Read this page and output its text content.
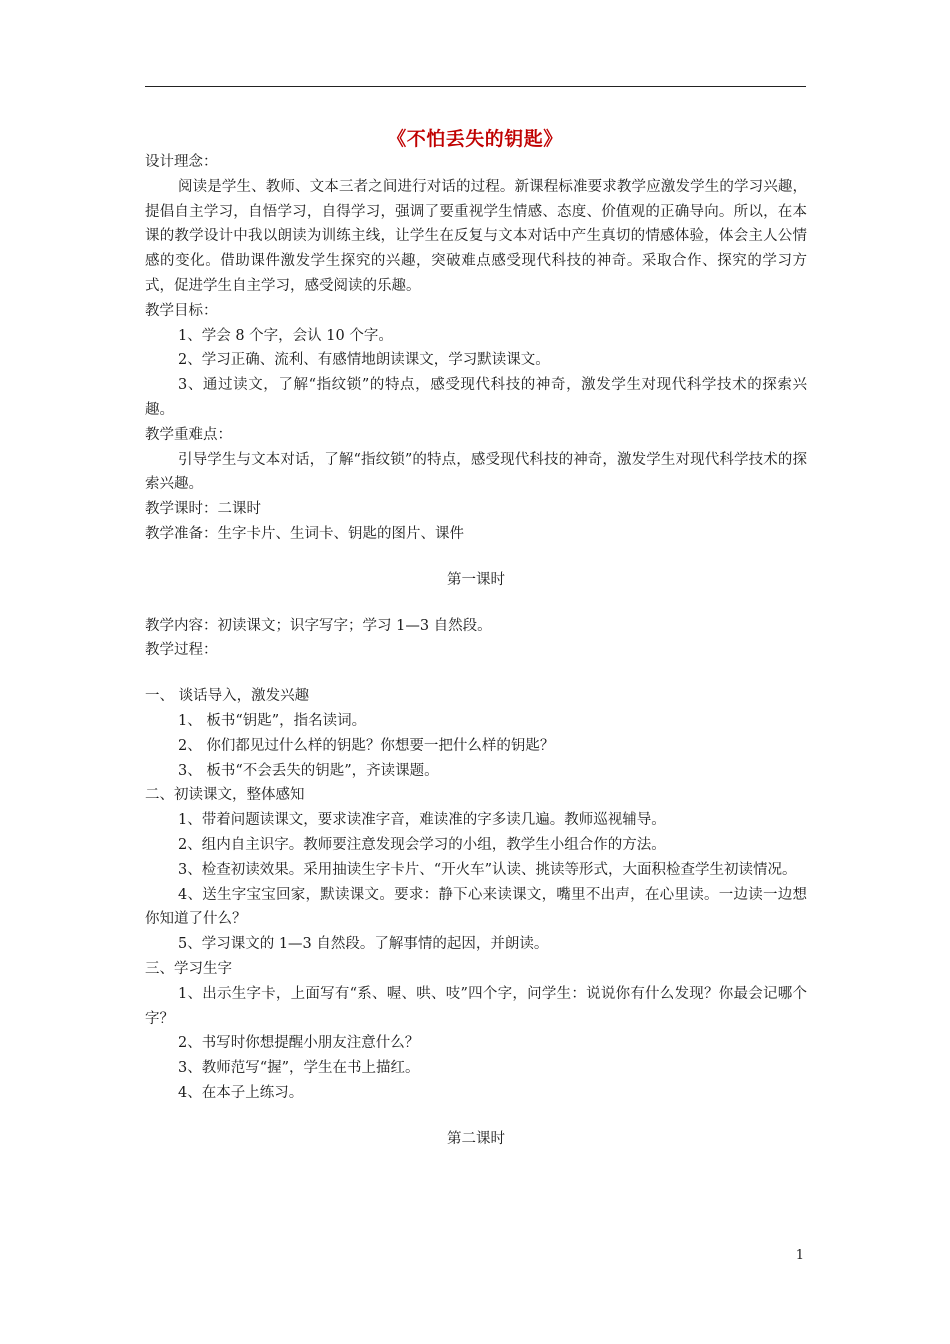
《不怕丢失的钥匙》

设计理念：

阅读是学生、教师、文本三者之间进行对话的过程。新课程标准要求教学应激发学生的学习兴趣，提倡自主学习，自悟学习，自得学习，强调了要重视学生情感、态度、价值观的正确导向。所以，在本课的教学设计中我以朗读为训练主线，让学生在反复与文本对话中产生真切的情感体验，体会主人公情感的变化。借助课件激发学生探究的兴趣，突破难点感受现代科技的神奇。采取合作、探究的学习方式，促进学生自主学习，感受阅读的乐趣。

教学目标：

1、学会 8 个字，会认 10 个字。

2、学习正确、流利、有感情地朗读课文，学习默读课文。

3、通过读文，了解“指纹锁”的特点，感受现代科技的神奇，激发学生对现代科学技术的探索兴趣。

教学重难点：

引导学生与文本对话，了解“指纹锁”的特点，感受现代科技的神奇，激发学生对现代科学技术的探索兴趣。

教学课时：二课时

教学准备：生字卡片、生词卡、钥匙的图片、课件

第一课时

教学内容：初读课文；识字写字；学习 1—3 自然段。

教学过程：

一、 谈话导入，激发兴趣

1、 板书“钥匙”，指名读词。

2、 你们都见过什么样的钥匙？你想要一把什么样的钥匙？

3、 板书“不会丢失的钥匙”，齐读课题。

二、初读课文，整体感知

1、带着问题读课文，要求读准字音，难读准的字多读几遍。教师巡视辅导。

2、组内自主识字。教师要注意发现会学习的小组，教学生小组合作的方法。

3、检查初读效果。采用抽读生字卡片、“开火车”认读、挑读等形式，大面积检查学生初读情况。

4、送生字宝宝回家，默读课文。要求：静下心来读课文，嘴里不出声，在心里读。一边读一边想你知道了什么？

5、学习课文的 1—3 自然段。了解事情的起因，并朗读。

三、学习生字

1、出示生字卡，上面写有“系、喔、哄、吱”四个字，问学生：说说你有什么发现？你最会记哪个字？

2、书写时你想提醒小朋友注意什么？

3、教师范写“握”，学生在书上描红。

4、在本子上练习。

第二课时

1
